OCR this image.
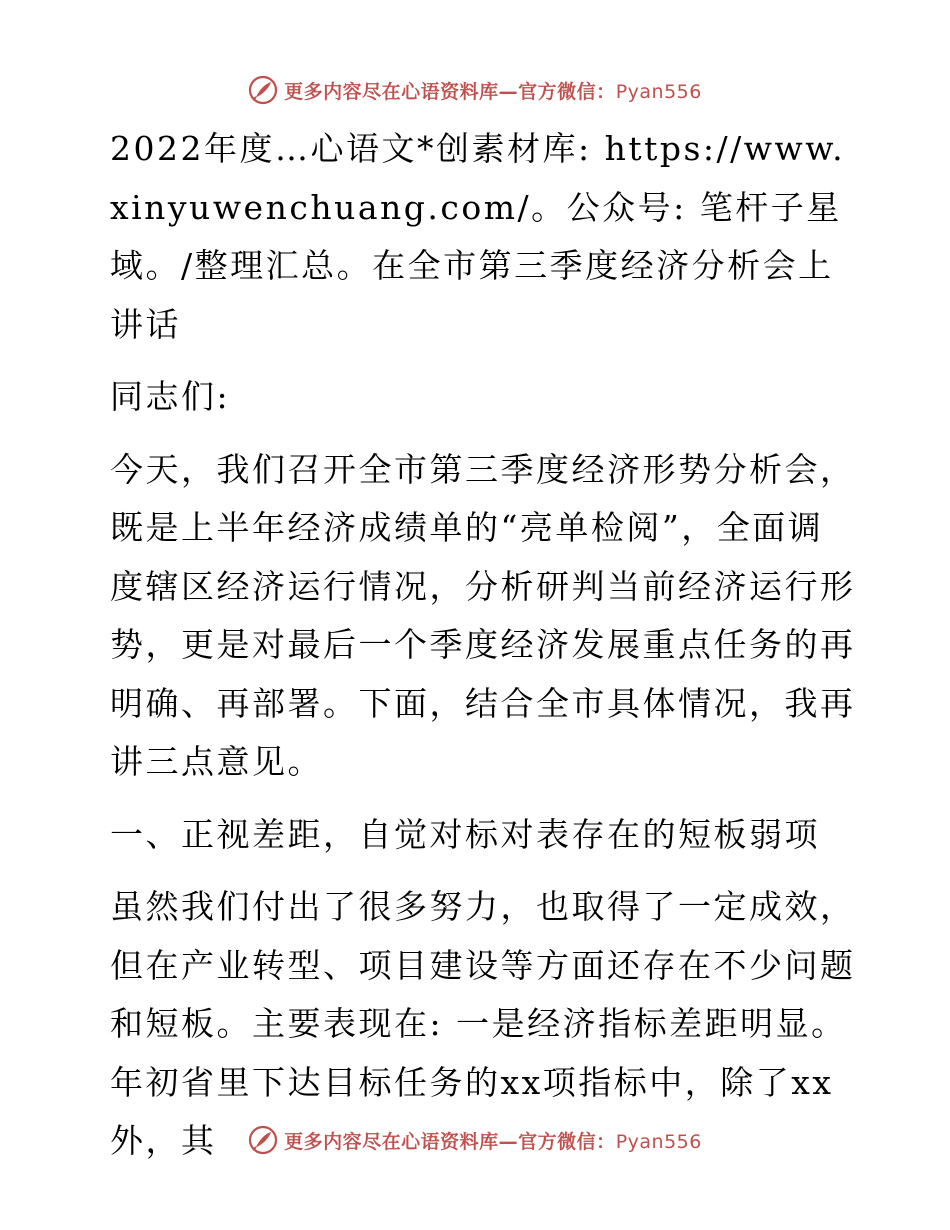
更多内容尽在心语资料库—官方微信：Pyan556

2022年度…心语文*创素材库: https://www.xinyuwenchuang.com/。公众号: 笔杆子星域。/整理汇总。在全市第三季度经济分析会上讲话

同志们:

今天，我们召开全市第三季度经济形势分析会，既是上半年经济成绩单的“亮单检阅”，全面调度辖区经济运行情况，分析研判当前经济运行形势，更是对最后一个季度经济发展重点任务的再明确、再部署。下面，结合全市具体情况，我再讲三点意见。

一、正视差距，自觉对标对表存在的短板弱项

虽然我们付出了很多努力，也取得了一定成效，但在产业转型、项目建设等方面还存在不少问题和短板。主要表现在: 一是经济指标差距明显。年初省里下达目标任务的xx项指标中，除了xx外，其	更多内容尽在心语资料库—官方微信：Pyan556
